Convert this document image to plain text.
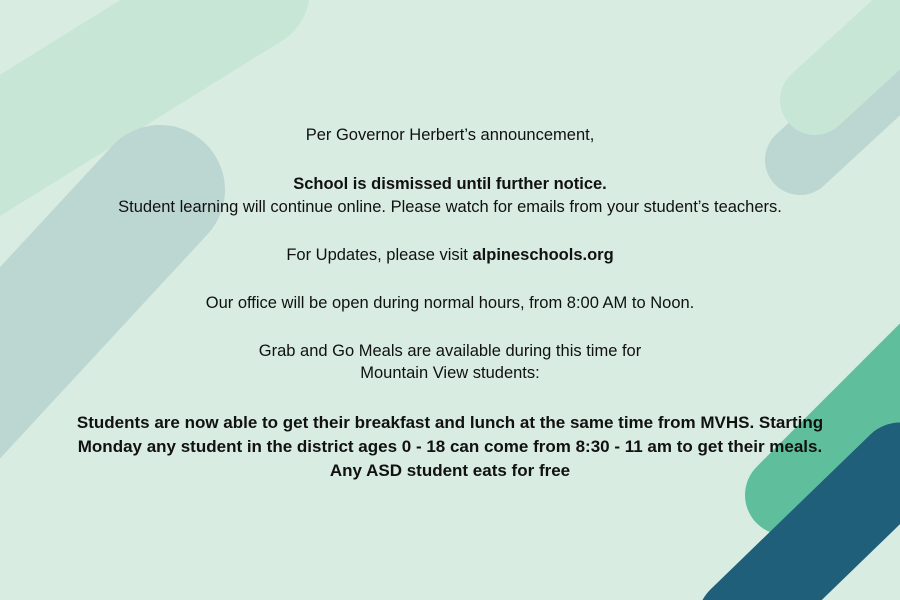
Per Governor Herbert’s announcement,

School is dismissed until further notice.

Student learning will continue online. Please watch for emails from your student’s teachers.

For Updates, please visit alpineschools.org

Our office will be open during normal hours, from 8:00 AM to Noon.

Grab and Go Meals are available during this time for

Mountain View students:

Students are now able to get their breakfast and lunch at the same time from MVHS. Starting

Monday any student in the district ages 0 - 18 can come from 8:30 - 11 am to get their meals.

Any ASD student eats for free
